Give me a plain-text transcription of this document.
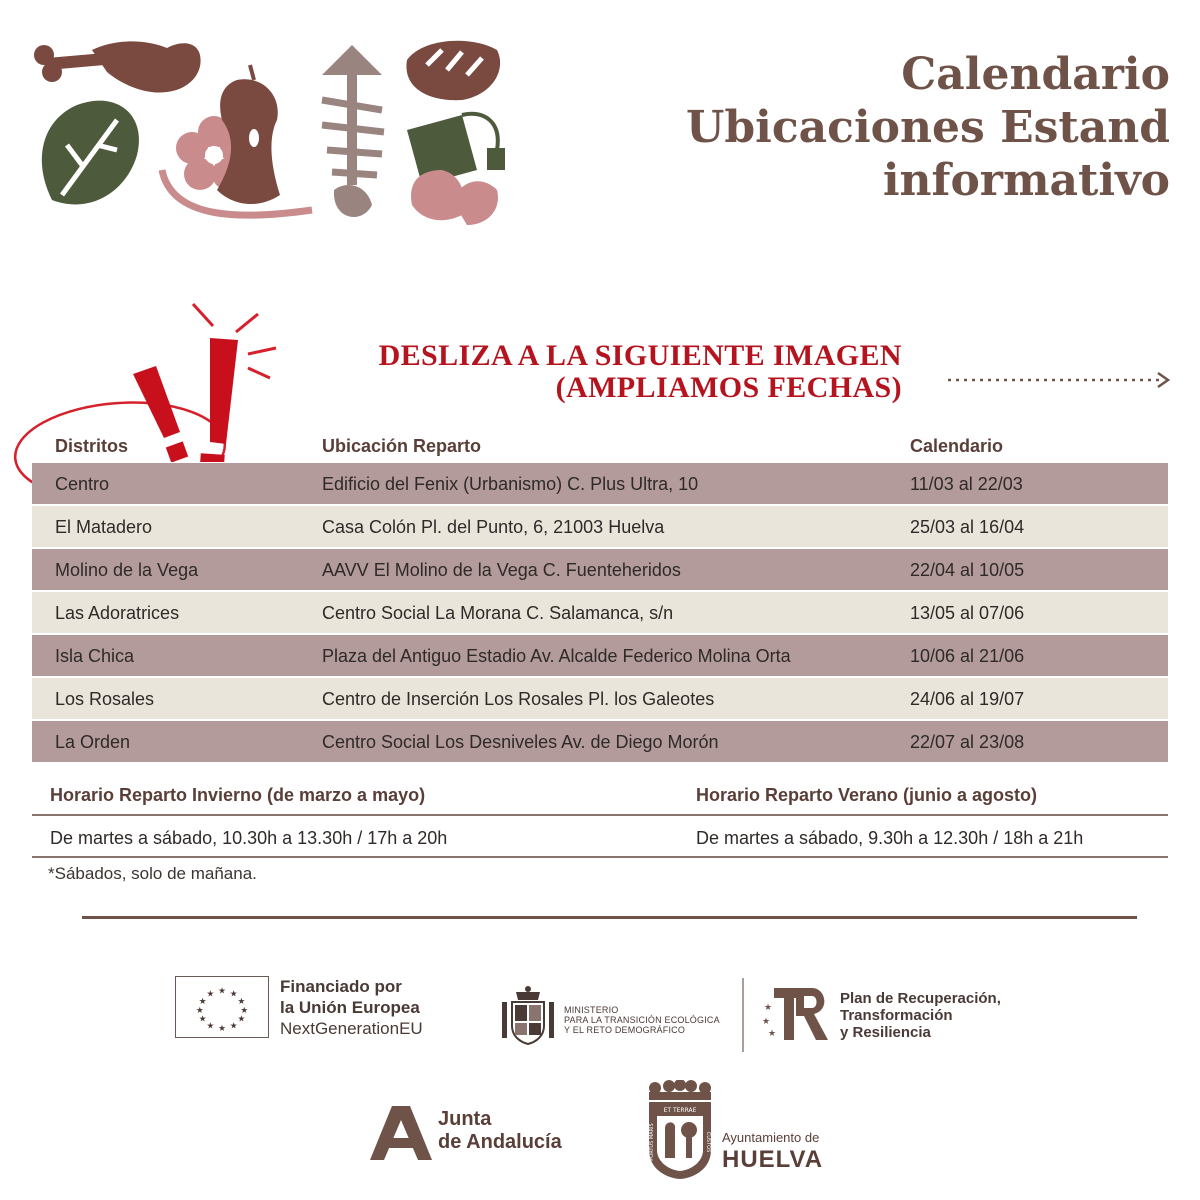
Calendario
Ubicaciones Estand
informativo
DESLIZA A LA SIGUIENTE IMAGEN
(AMPLIAMOS FECHAS)
Distritos	Ubicación Reparto	Calendario
Centro	Edificio del Fenix (Urbanismo) C. Plus Ultra, 10	11/03 al 22/03
El Matadero	Casa Colón Pl. del Punto, 6, 21003 Huelva	25/03 al 16/04
Molino de la Vega	AAVV El Molino de la Vega C. Fuenteheridos	22/04 al 10/05
Las Adoratrices	Centro Social La Morana C. Salamanca, s/n	13/05 al 07/06
Isla Chica	Plaza del Antiguo Estadio Av. Alcalde Federico Molina Orta	10/06 al 21/06
Los Rosales	Centro de Inserción Los Rosales Pl. los Galeotes	24/06 al 19/07
La Orden	Centro Social Los Desniveles Av. de Diego Morón	22/07 al 23/08
Horario Reparto Invierno (de marzo a mayo)	Horario Reparto Verano (junio a agosto)
De martes a sábado, 10.30h a 13.30h / 17h a 20h	De martes a sábado, 9.30h a 12.30h / 18h a 21h
*Sábados, solo de mañana.
★ ★
★
★
★
★
★
★
★
★
★
★	Financiado por
la Unión Europea
NextGenerationEU
MINISTERIO
PARA LA TRANSICIÓN ECOLÓGICA
Y EL RETO DEMOGRÁFICO
★
★
★
Plan de Recuperación,
Transformación
y Resiliencia
Junta
de Andalucía
ET TERRAE
PORTUS MARIS	CUSTOS Ayuntamiento de
HUELVA
